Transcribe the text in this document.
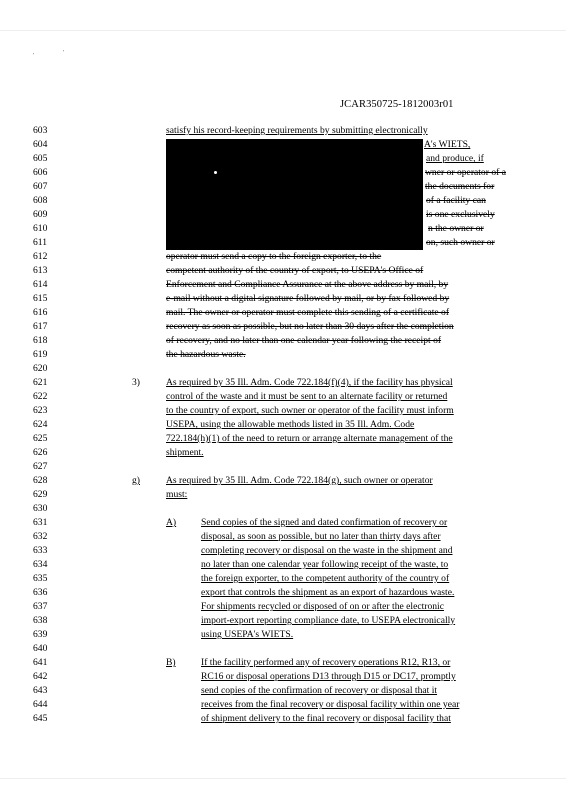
'	'
JCAR350725-1812003r01
603
604
605
606
607
608
609
610
611
612
613
614
615
616
617
618
619
620
621
622
623
624
625
626
627
628
629
630
631
632
633
634
635
636
637
638
639
640
641
642
643
644
645
satisfy his record-keeping requirements by submitting electronically
A's WIETS,
and produce, if
wner or operator of a
the documents for
of a facility can
is one exclusively
n the owner or
on, such owner or
operator must send a copy to the foreign exporter, to the
competent authority of the country of export, to USEPA's Office of
Enforcement and Compliance Assurance at the above address by mail, by
e-mail without a digital signature followed by mail, or by fax followed by
mail. The owner or operator must complete this sending of a certificate of
recovery as soon as possible, but no later than 30 days after the completion
of recovery, and no later than one calendar year following the receipt of
the hazardous waste.
3)	As required by 35 Ill. Adm. Code 722.184(f)(4), if the facility has physical
control of the waste and it must be sent to an alternate facility or returned
to the country of export, such owner or operator of the facility must inform
USEPA, using the allowable methods listed in 35 Ill. Adm. Code
722.184(h)(1) of the need to return or arrange alternate management of the
shipment.
g)	As required by 35 Ill. Adm. Code 722.184(g), such owner or operator
must:
A)	Send copies of the signed and dated confirmation of recovery or
disposal, as soon as possible, but no later than thirty days after
completing recovery or disposal on the waste in the shipment and
no later than one calendar year following receipt of the waste, to
the foreign exporter, to the competent authority of the country of
export that controls the shipment as an export of hazardous waste.
For shipments recycled or disposed of on or after the electronic
import-export reporting compliance date, to USEPA electronically
using USEPA's WIETS.
B)	If the facility performed any of recovery operations R12, R13, or
RC16 or disposal operations D13 through D15 or DC17, promptly
send copies of the confirmation of recovery or disposal that it
receives from the final recovery or disposal facility within one year
of shipment delivery to the final recovery or disposal facility that
